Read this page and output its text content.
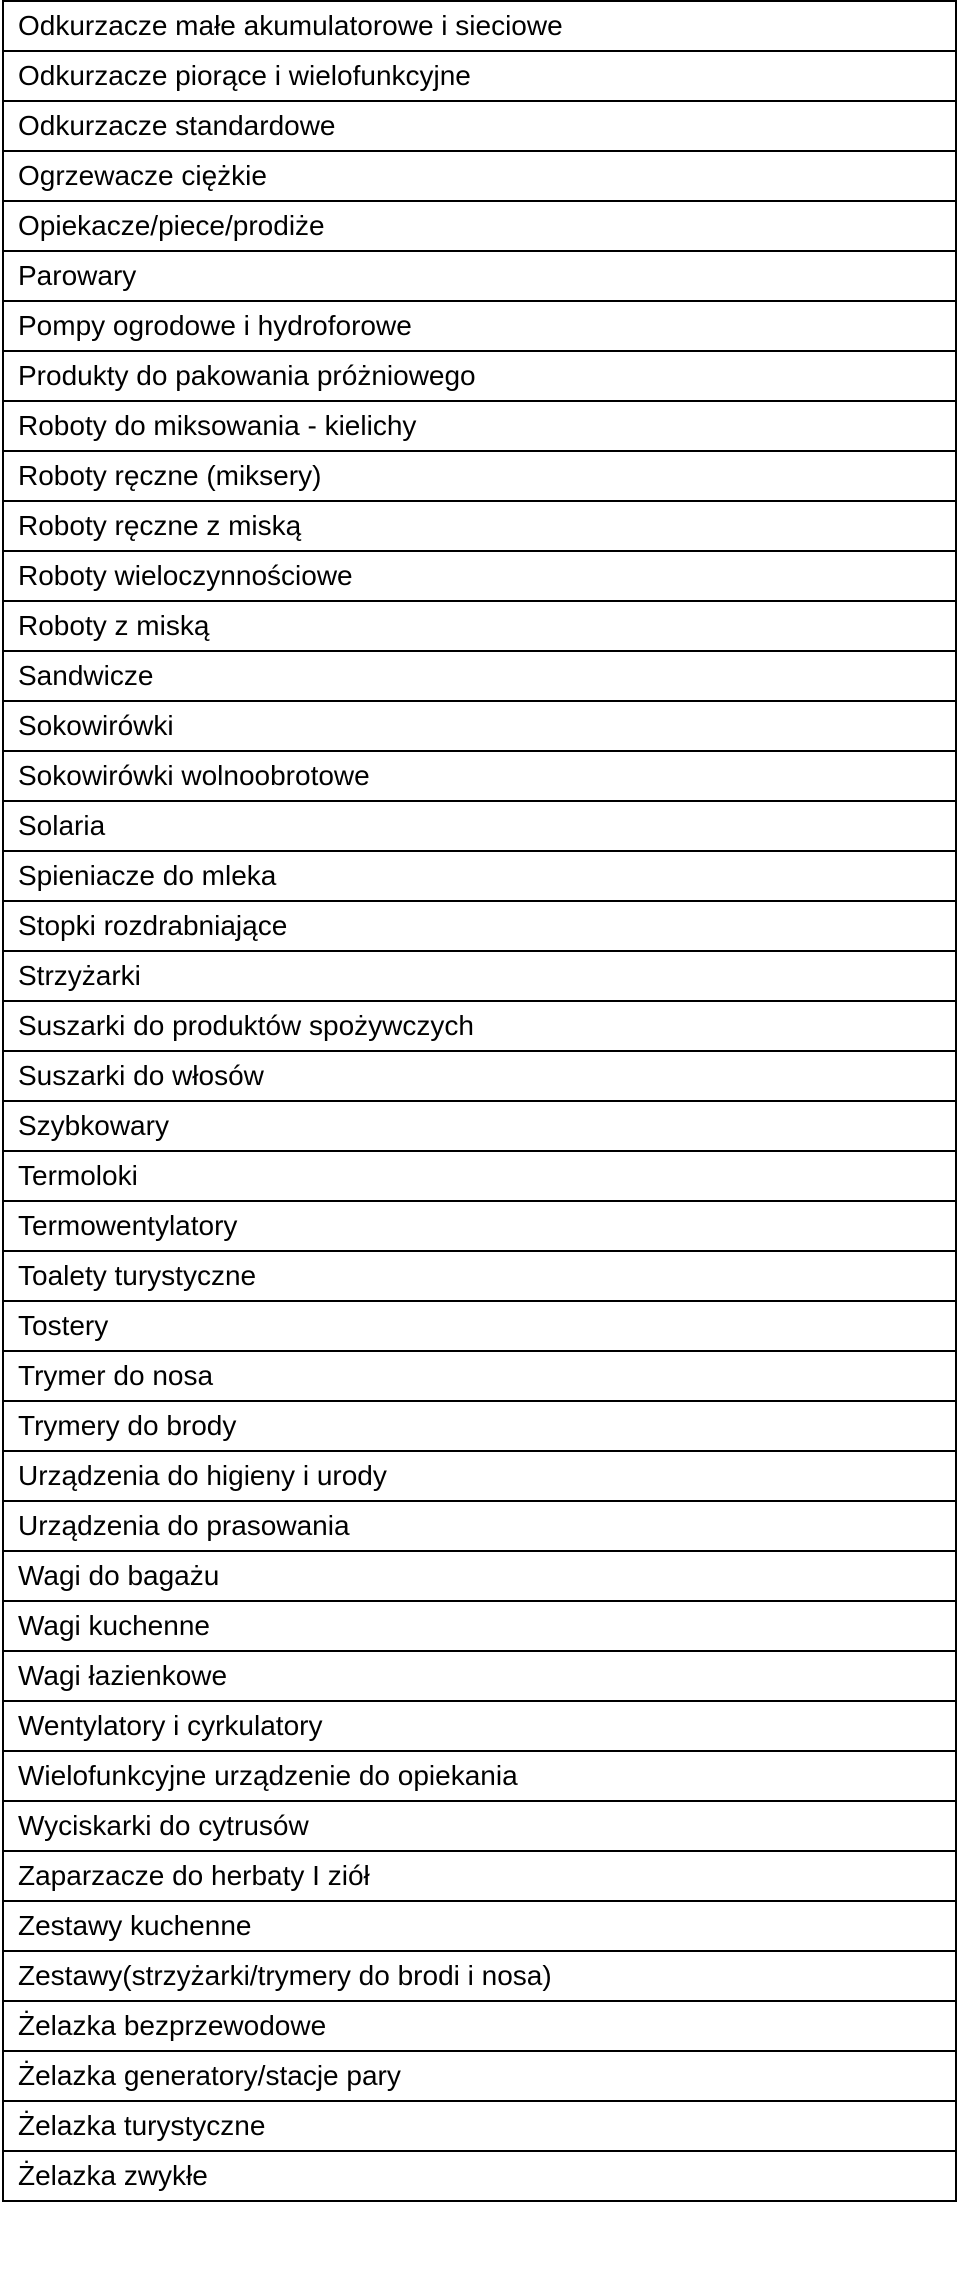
Odkurzacze małe akumulatorowe i sieciowe
Odkurzacze piorące i wielofunkcyjne
Odkurzacze standardowe
Ogrzewacze ciężkie
Opiekacze/piece/prodiże
Parowary
Pompy ogrodowe i hydroforowe
Produkty do pakowania próżniowego
Roboty do miksowania - kielichy
Roboty ręczne (miksery)
Roboty ręczne z miską
Roboty wieloczynnościowe
Roboty z miską
Sandwicze
Sokowirówki
Sokowirówki wolnoobrotowe
Solaria
Spieniacze do mleka
Stopki rozdrabniające
Strzyżarki
Suszarki do produktów spożywczych
Suszarki do włosów
Szybkowary
Termoloki
Termowentylatory
Toalety turystyczne
Tostery
Trymer do nosa
Trymery do brody
Urządzenia do higieny i urody
Urządzenia do prasowania
Wagi do bagażu
Wagi kuchenne
Wagi łazienkowe
Wentylatory i cyrkulatory
Wielofunkcyjne urządzenie do opiekania
Wyciskarki do cytrusów
Zaparzacze do herbaty I ziół
Zestawy kuchenne
Zestawy(strzyżarki/trymery do brodi i nosa)
Żelazka bezprzewodowe
Żelazka generatory/stacje pary
Żelazka turystyczne
Żelazka zwykłe
